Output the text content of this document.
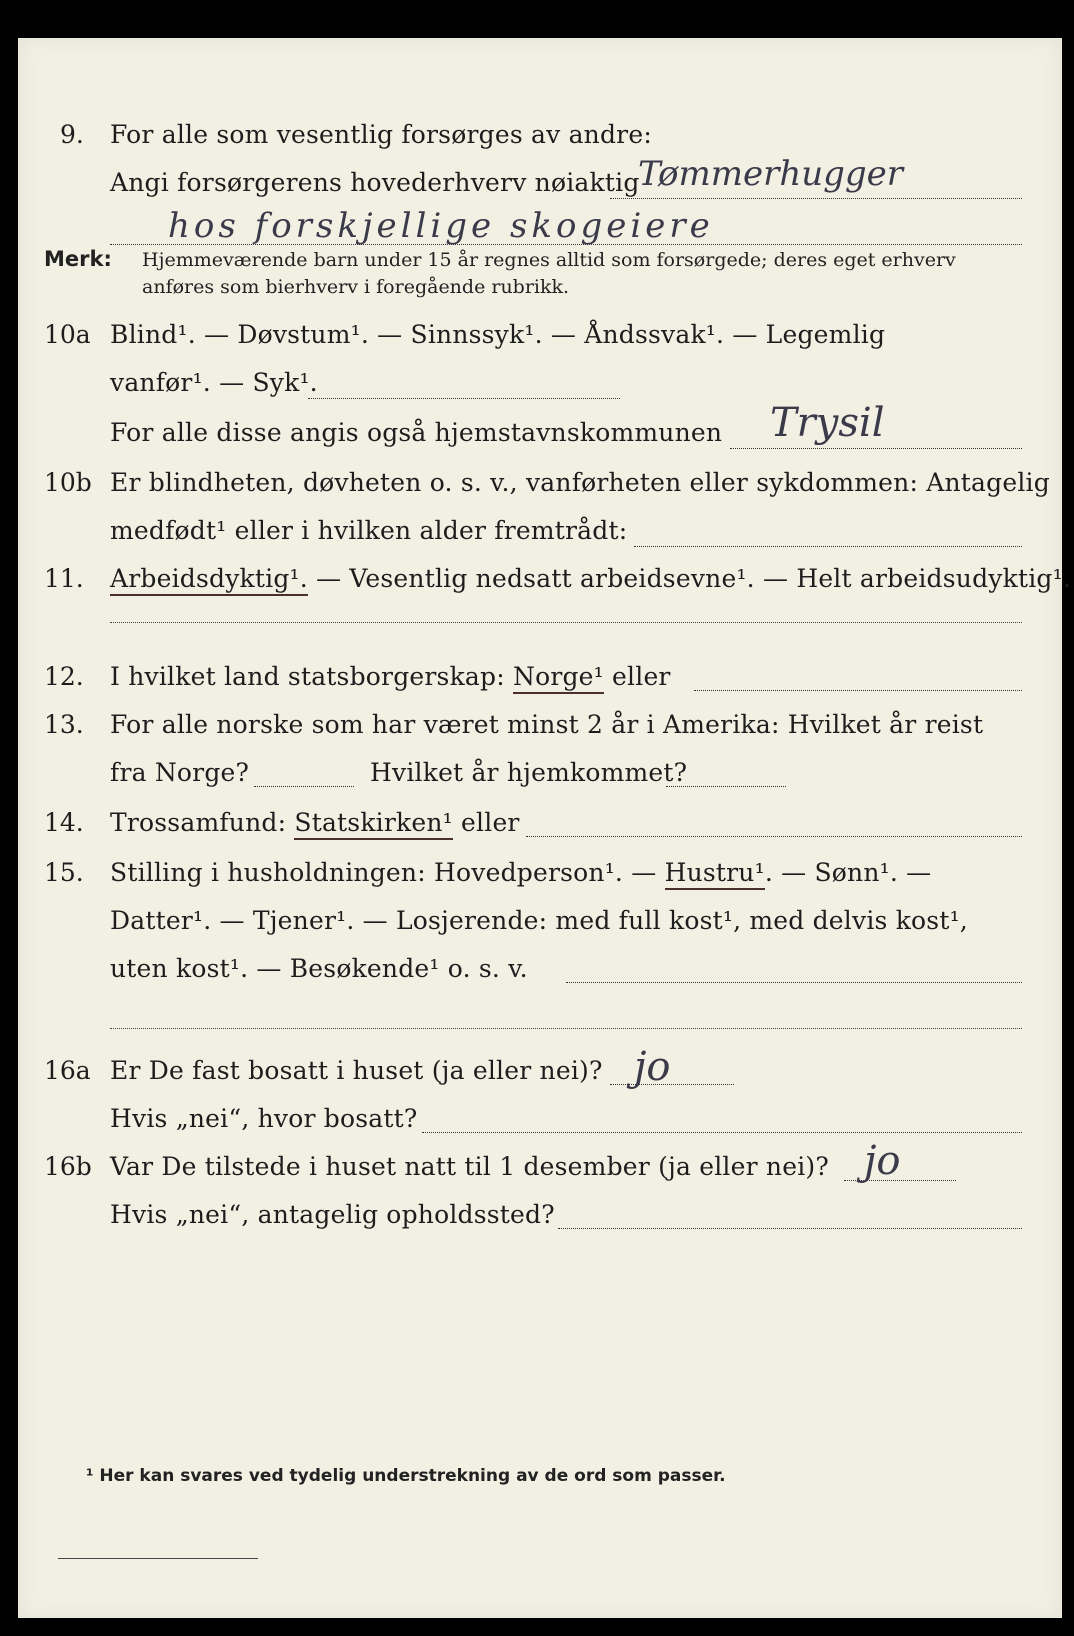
9. For alle som vesentlig forsørges av andre:
Angi forsørgerens hovederhverv nøiaktig
Tømmerhugger
hos forskjellige skogeiere
Merk: Hjemmeværende barn under 15 år regnes alltid som forsørgede; deres eget erhverv
anføres som bierhverv i foregående rubrikk.
10a Blind¹. — Døvstum¹. — Sinnssyk¹. — Åndssvak¹. — Legemlig
vanfør¹. — Syk¹.
For alle disse angis også hjemstavnskommunen Trysil
10b Er blindheten, døvheten o. s. v., vanførheten eller sykdommen: Antagelig
medfødt¹ eller i hvilken alder fremtrådt:
11. Arbeidsdyktig¹. — Vesentlig nedsatt arbeidsevne¹. — Helt arbeidsudyktig¹.
12. I hvilket land statsborgerskap: Norge¹ eller
13. For alle norske som har været minst 2 år i Amerika: Hvilket år reist
fra Norge?	Hvilket år hjemkommet?
14. Trossamfund: Statskirken¹ eller
15. Stilling i husholdningen: Hovedperson¹. — Hustru¹. — Sønn¹. —
Datter¹. — Tjener¹. — Losjerende: med full kost¹, med delvis kost¹,
uten kost¹. — Besøkende¹ o. s. v.
16a Er De fast bosatt i huset (ja eller nei)? jo
Hvis „nei“, hvor bosatt?
16b Var De tilstede i huset natt til 1 desember (ja eller nei)? jo
Hvis „nei“, antagelig opholdssted?
¹ Her kan svares ved tydelig understrekning av de ord som passer.
